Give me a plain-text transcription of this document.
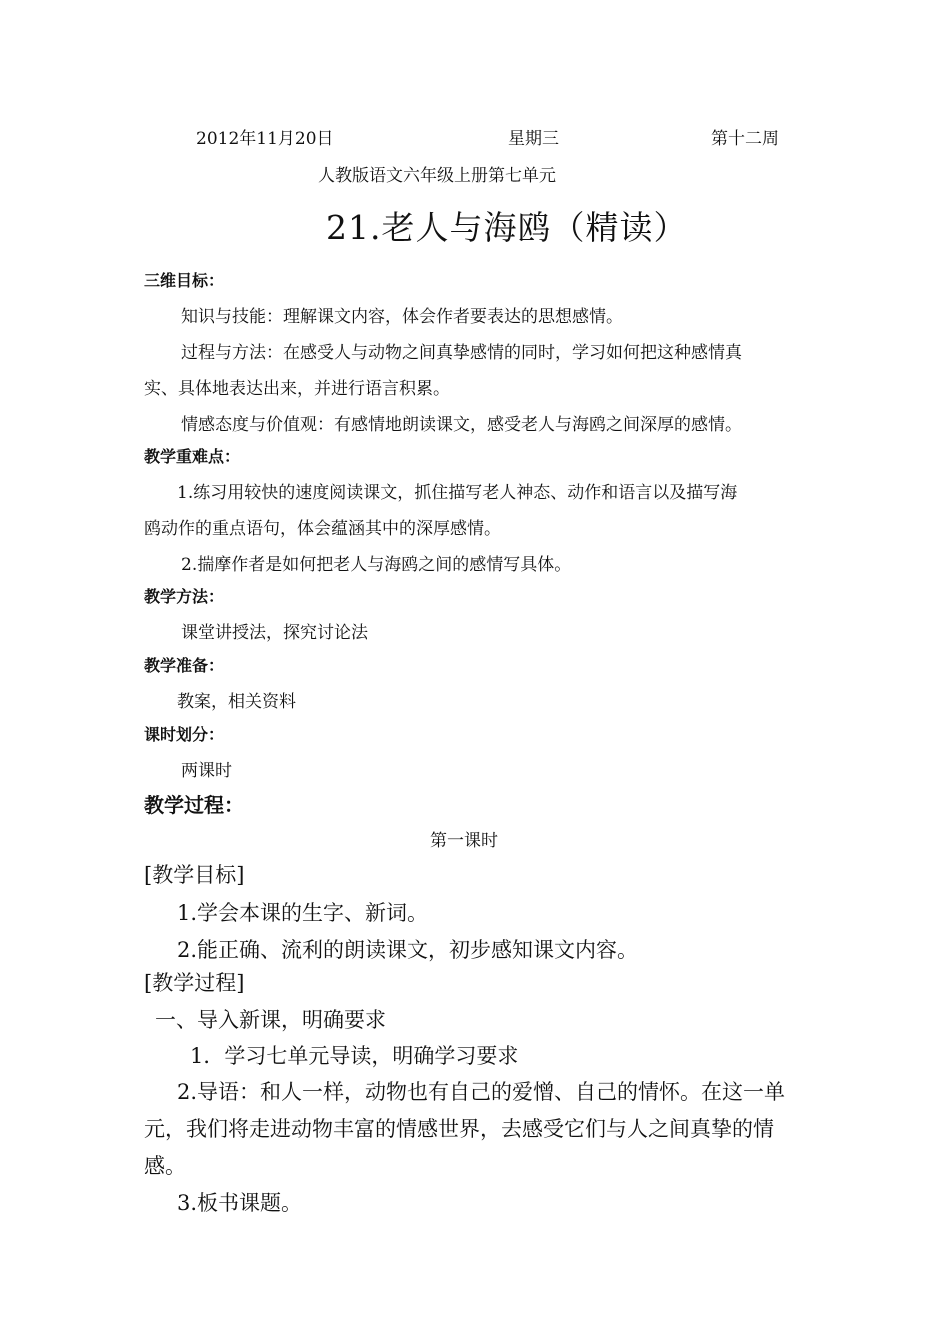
2012年11月20日	星期三	第十二周
人教版语文六年级上册第七单元
21.老人与海鸥（精读）
三维目标：
知识与技能：理解课文内容，体会作者要表达的思想感情。
过程与方法：在感受人与动物之间真挚感情的同时，学习如何把这种感情真
实、具体地表达出来，并进行语言积累。
情感态度与价值观：有感情地朗读课文，感受老人与海鸥之间深厚的感情。
教学重难点：
1.练习用较快的速度阅读课文，抓住描写老人神态、动作和语言以及描写海
鸥动作的重点语句，体会蕴涵其中的深厚感情。
2.揣摩作者是如何把老人与海鸥之间的感情写具体。
教学方法：
课堂讲授法，探究讨论法
教学准备：
教案，相关资料
课时划分：
两课时
教学过程：
第一课时
[教学目标]
1.学会本课的生字、新词。
2.能正确、流利的朗读课文，初步感知课文内容。
[教学过程]
一、导入新课，明确要求
1．学习七单元导读，明确学习要求
2.导语：和人一样，动物也有自己的爱憎、自己的情怀。在这一单
元，我们将走进动物丰富的情感世界，去感受它们与人之间真挚的情
感。
3.板书课题。
